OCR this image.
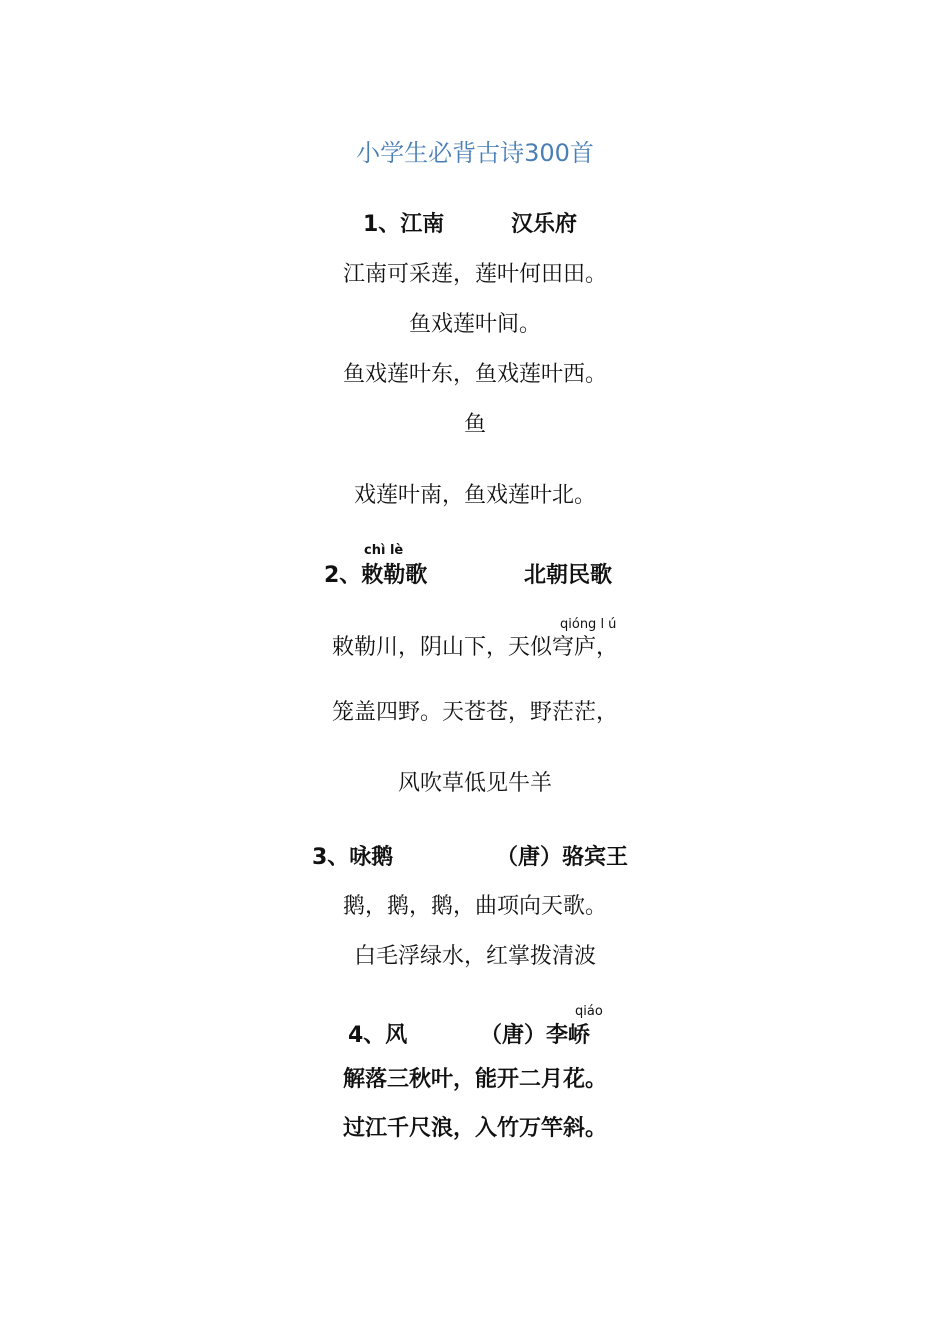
小学生必背古诗300首
1、江南	汉乐府
江南可采莲，莲叶何田田。
鱼戏莲叶间。
鱼戏莲叶东，鱼戏莲叶西。
鱼
戏莲叶南，鱼戏莲叶北。
chì lè
2、敕勒歌	北朝民歌
qióng l ú
敕勒川，阴山下，天似穹庐，
笼盖四野。天苍苍，野茫茫，
风吹草低见牛羊
3、咏鹅	（唐）骆宾王
鹅，鹅，鹅，曲项向天歌。
白毛浮绿水，红掌拨清波
qiáo
4、风	（唐）李峤
解落三秋叶，能开二月花。
过江千尺浪，入竹万竿斜。
